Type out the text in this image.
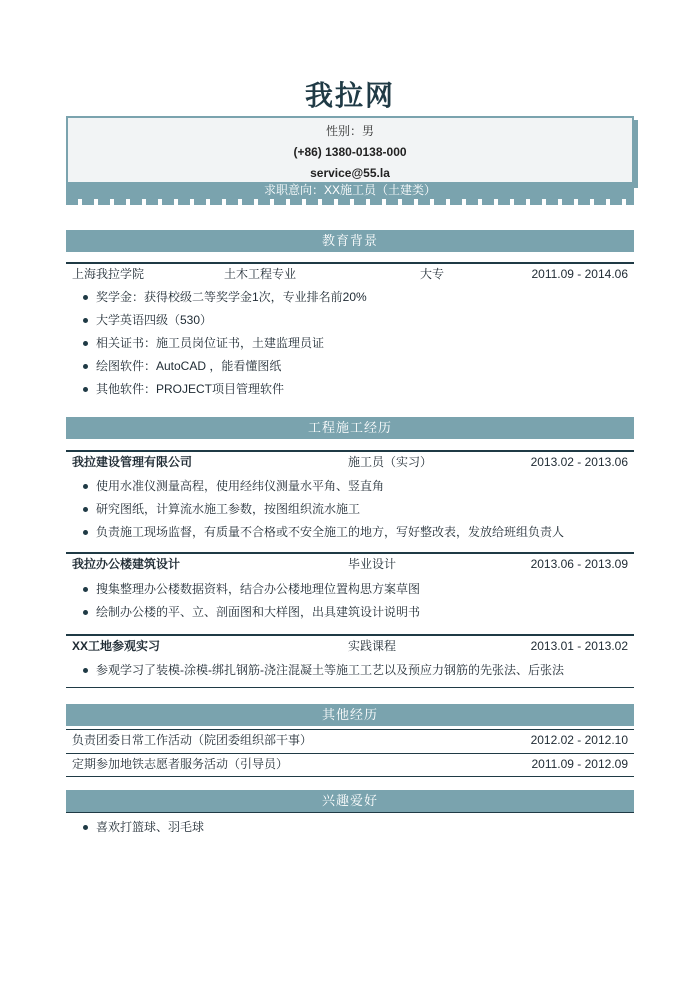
我拉网
性别：男
(+86) 1380-0138-000
service@55.la
求职意向：XX施工员（土建类）
教育背景
上海我拉学院	土木工程专业	大专	2011.09 - 2014.06
奖学金：获得校级二等奖学金1次，专业排名前20%
大学英语四级（530）
相关证书：施工员岗位证书，土建监理员证
绘图软件：AutoCAD ，能看懂图纸
其他软件：PROJECT项目管理软件
工程施工经历
我拉建设管理有限公司	施工员（实习）	2013.02 - 2013.06
使用水准仪测量高程，使用经纬仪测量水平角、竖直角
研究图纸，计算流水施工参数，按图组织流水施工
负责施工现场监督，有质量不合格或不安全施工的地方，写好整改表，发放给班组负责人
我拉办公楼建筑设计	毕业设计	2013.06 - 2013.09
搜集整理办公楼数据资料，结合办公楼地理位置构思方案草图
绘制办公楼的平、立、剖面图和大样图，出具建筑设计说明书
XX工地参观实习	实践课程	2013.01 - 2013.02
参观学习了装模-涂模-绑扎钢筋-浇注混凝土等施工工艺以及预应力钢筋的先张法、后张法
其他经历
负责团委日常工作活动（院团委组织部干事）	2012.02 - 2012.10
定期参加地铁志愿者服务活动（引导员）	2011.09 - 2012.09
兴趣爱好
喜欢打篮球、羽毛球
